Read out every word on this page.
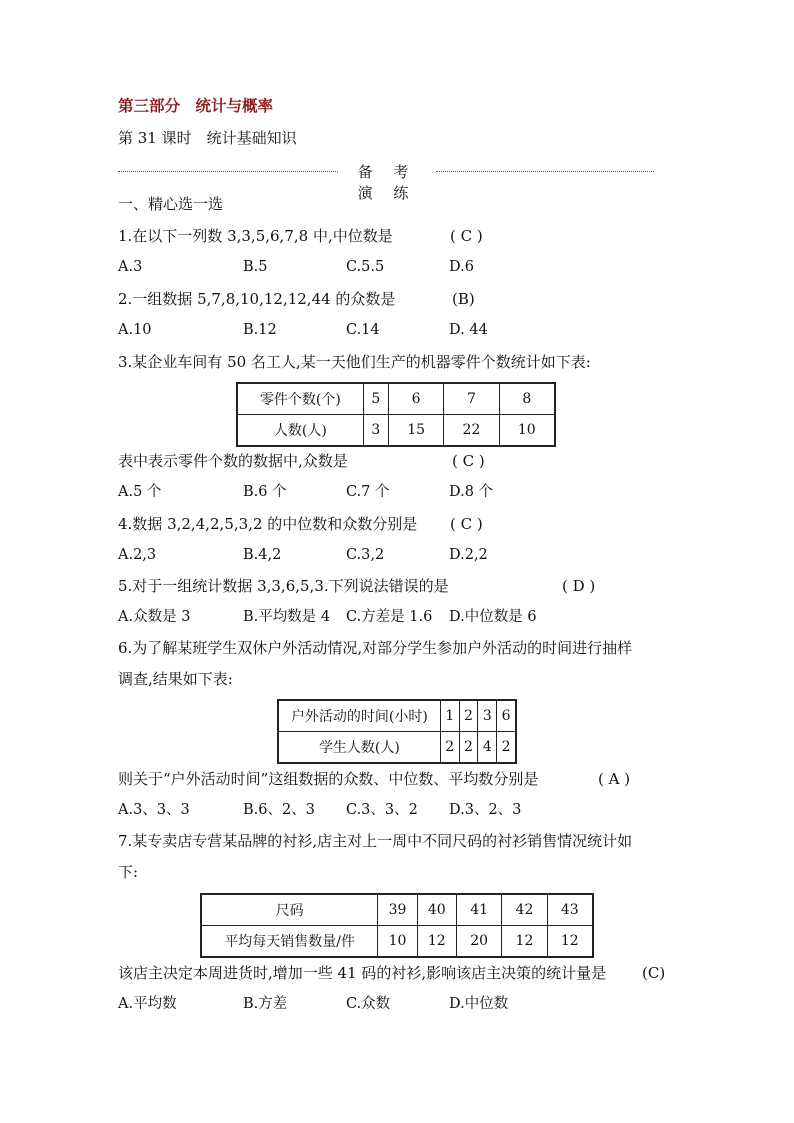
第三部分　统计与概率
第 31 课时　统计基础知识
备 考 演 练
一、精心选一选
1.在以下一列数 3,3,5,6,7,8 中,中位数是	( C )
A.3	B.5	C.5.5	D.6
2.一组数据 5,7,8,10,12,12,44 的众数是	(B)
A.10	B.12	C.14	D. 44
3.某企业车间有 50 名工人,某一天他们生产的机器零件个数统计如下表:
零件个数(个)	5	6	7	8
人数(人)	3	15	22	10
表中表示零件个数的数据中,众数是	( C )
A.5 个	B.6 个	C.7 个	D.8 个
4.数据 3,2,4,2,5,3,2 的中位数和众数分别是 ( C )
A.2,3	B.4,2	C.3,2	D.2,2
5.对于一组统计数据 3,3,6,5,3.下列说法错误的是	( D )
A.众数是 3	B.平均数是 4 C.方差是 1.6 D.中位数是 6
6.为了解某班学生双休户外活动情况,对部分学生参加户外活动的时间进行抽样
调查,结果如下表:
户外活动的时间(小时)	1	2	3	6
学生人数(人)	2	2	4	2
则关于“户外活动时间”这组数据的众数、中位数、平均数分别是	( A )
A.3、3、3	B.6、2、3 C.3、3、2 D.3、2、3
7.某专卖店专营某品牌的衬衫,店主对上一周中不同尺码的衬衫销售情况统计如
下:
尺码	39	40	41	42	43
平均每天销售数量/件	10	12	20	12	12
该店主决定本周进货时,增加一些 41 码的衬衫,影响该店主决策的统计量是 (C)
A.平均数	B.方差	C.众数	D.中位数
